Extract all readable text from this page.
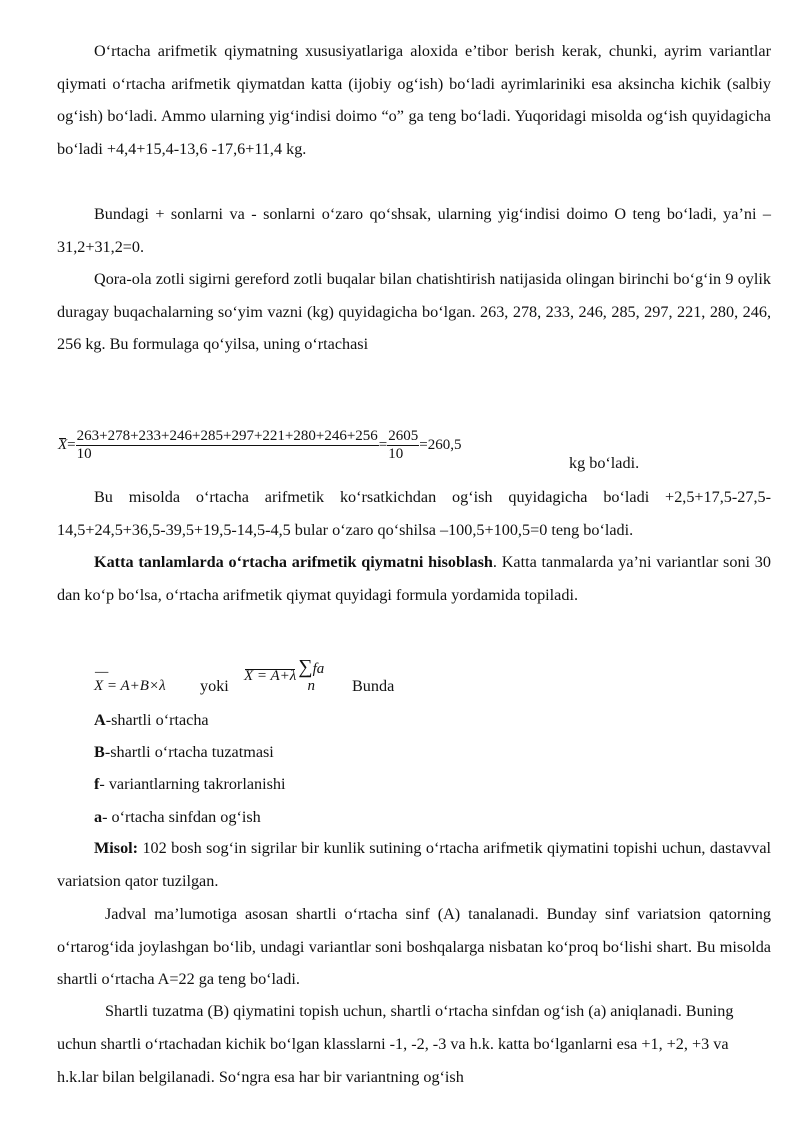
O‘rtacha arifmetik qiymatning xususiyatlariga aloxida e’tibor berish kerak, chunki, ayrim variantlar qiymati o‘rtacha arifmetik qiymatdan katta (ijobiy og‘ish) bo‘ladi ayrimlariniki esa aksincha kichik (salbiy og‘ish) bo‘ladi. Ammo ularning yig‘indisi doimo “o” ga teng bo‘ladi. Yuqoridagi misolda og‘ish quyidagicha bo‘ladi +4,4+15,4-13,6 -17,6+11,4 kg.

Bundagi + sonlarni va - sonlarni o‘zaro qo‘shsak, ularning yig‘indisi doimo O teng bo‘ladi, ya’ni –31,2+31,2=0.

Qora-ola zotli sigirni gereford zotli buqalar bilan chatishtirish natijasida olingan birinchi bo‘g‘in 9 oylik duragay buqachalarning so‘yim vazni (kg) quyidagicha bo‘lgan. 263, 278, 233, 246, 285, 297, 221, 280, 246, 256 kg. Bu formulaga qo‘yilsa, uning o‘rtachasi

$X= \frac{263+278+233+246+285+297+221+280+246+256}{10} = \frac{2605}{10} =260,5$
kg bo‘ladi.

Bu misolda o‘rtacha arifmetik ko‘rsatkichdan og‘ish quyidagicha bo‘ladi +2,5+17,5-27,5-14,5+24,5+36,5-39,5+19,5-14,5-4,5 bular o‘zaro qo‘shilsa –100,5+100,5=0 teng bo‘ladi.

Katta tanlamlarda o‘rtacha arifmetik qiymatni hisoblash. Katta tanmalarda ya’ni variantlar soni 30 dan ko‘p bo‘lsa, o‘rtacha arifmetik qiymat quyidagi formula yordamida topiladi.

—
X = A+B×λ yoki
X = A+λ ∑fa
n	Bunda
A-shartli o‘rtacha
B-shartli o‘rtacha tuzatmasi
f- variantlarning takrorlanishi
a- o‘rtacha sinfdan og‘ish

Misol: 102 bosh sog‘in sigrilar bir kunlik sutining o‘rtacha arifmetik qiymatini topishi uchun, dastavval variatsion qator tuzilgan.

Jadval ma’lumotiga asosan shartli o‘rtacha sinf (A) tanalanadi. Bunday sinf variatsion qatorning o‘rtarog‘ida joylashgan bo‘lib, undagi variantlar soni boshqalarga nisbatan ko‘proq bo‘lishi shart. Bu misolda shartli o‘rtacha A=22 ga teng bo‘ladi.

Shartli tuzatma (B) qiymatini topish uchun, shartli o‘rtacha sinfdan og‘ish (a) aniqlanadi. Buning uchun shartli o‘rtachadan kichik bo‘lgan klasslarni -1, -2, -3 va h.k. katta bo‘lganlarni esa +1, +2, +3 va h.k.lar bilan belgilanadi. So‘ngra esa har bir variantning og‘ish
